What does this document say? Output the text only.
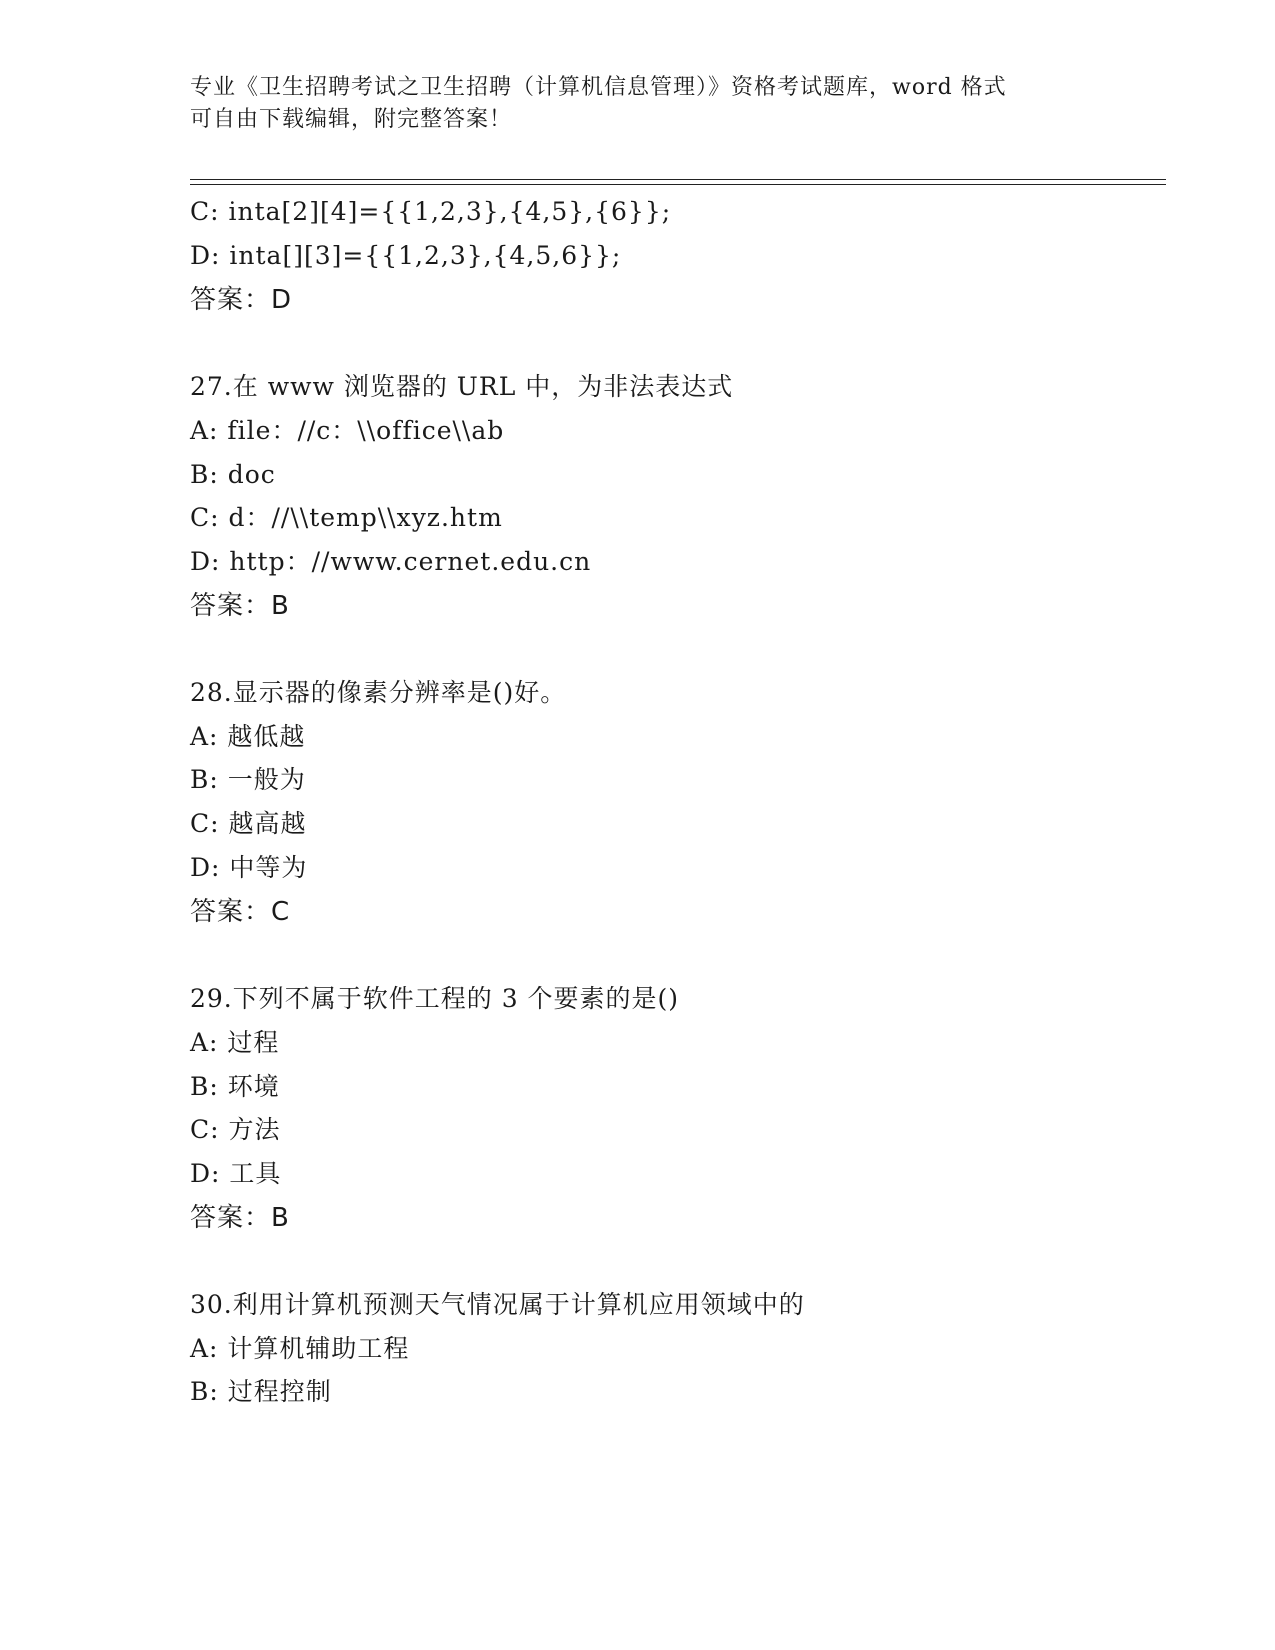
专业《卫生招聘考试之卫生招聘（计算机信息管理）》资格考试题库，word 格式
可自由下载编辑，附完整答案！
C: inta[2][4]={{1,2,3},{4,5},{6}};
D: inta[][3]={{1,2,3},{4,5,6}};
答案：D
27.在 www 浏览器的 URL 中，为非法表达式
A: file：//c：\\office\\ab
B: doc
C: d：//\\temp\\xyz.htm
D: http：//www.cernet.edu.cn
答案：B
28.显示器的像素分辨率是()好。
A: 越低越
B: 一般为
C: 越高越
D: 中等为
答案：C
29.下列不属于软件工程的 3 个要素的是()
A: 过程
B: 环境
C: 方法
D: 工具
答案：B
30.利用计算机预测天气情况属于计算机应用领域中的
A: 计算机辅助工程
B: 过程控制
